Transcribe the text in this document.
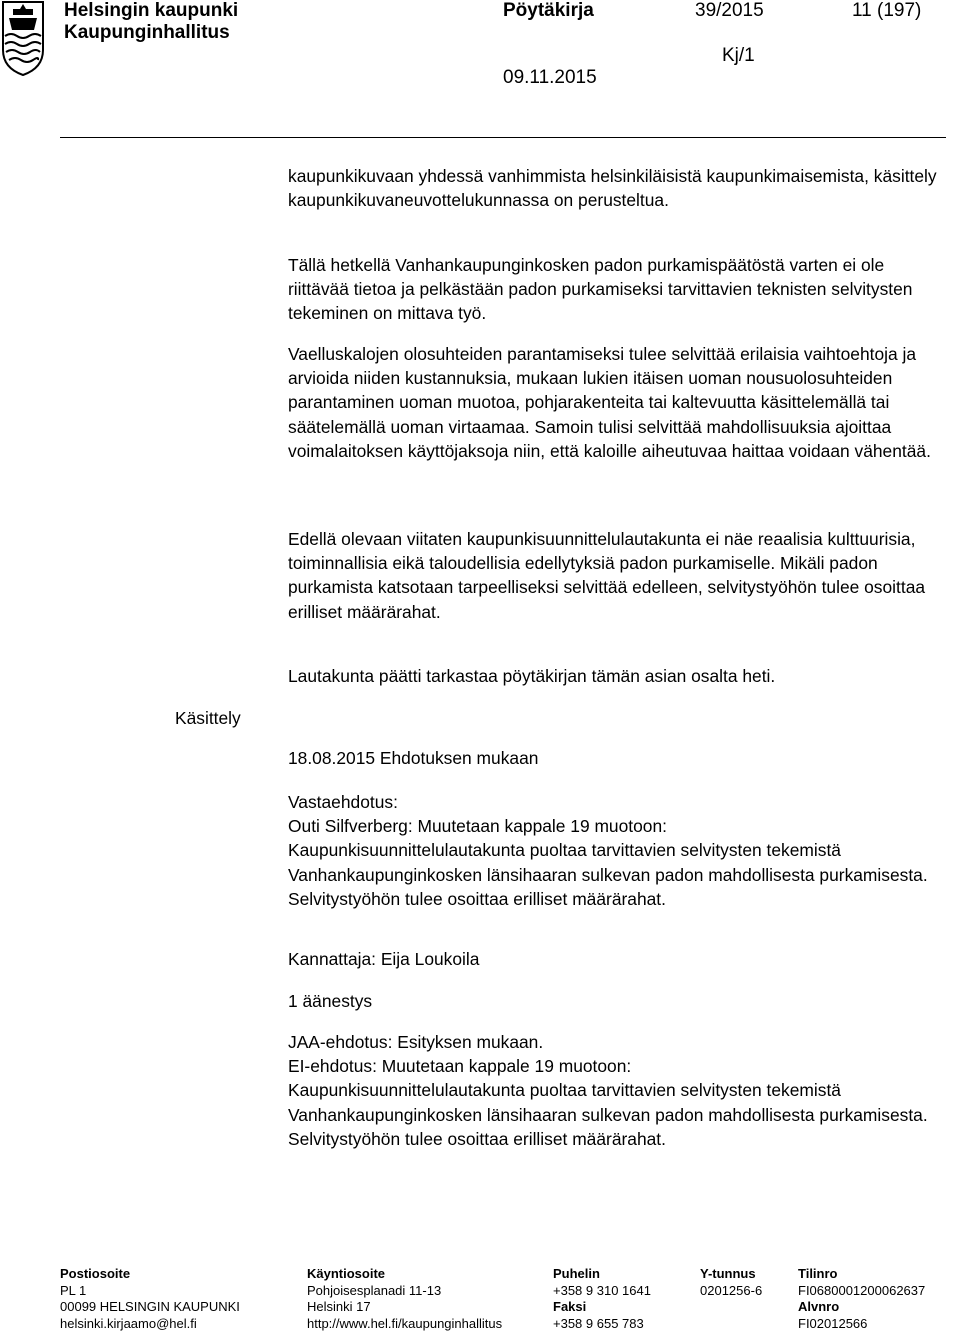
Helsingin kaupunki
Kaupunginhallitus
Pöytäkirja	39/2015	11 (197)
Kj/1
09.11.2015

kaupunkikuvaan yhdessä vanhimmista helsinkiläisistä kaupunkimaisemista, käsittely kaupunkikuvaneuvottelukunnassa on perusteltua.

Tällä hetkellä Vanhankaupunginkosken padon purkamispäätöstä varten ei ole riittävää tietoa ja pelkästään padon purkamiseksi tarvittavien teknisten selvitysten tekeminen on mittava työ.

Vaelluskalojen olosuhteiden parantamiseksi tulee selvittää erilaisia vaihtoehtoja ja arvioida niiden kustannuksia, mukaan lukien itäisen uoman nousuolosuhteiden parantaminen uoman muotoa, pohjarakenteita tai kaltevuutta käsittelemällä tai säätelemällä uoman virtaamaa. Samoin tulisi selvittää mahdollisuuksia ajoittaa voimalaitoksen käyttöjaksoja niin, että kaloille aiheutuvaa haittaa voidaan vähentää.

Edellä olevaan viitaten kaupunkisuunnittelulautakunta ei näe reaalisia kulttuurisia, toiminnallisia eikä taloudellisia edellytyksiä padon purkamiselle. Mikäli padon purkamista katsotaan tarpeelliseksi selvittää edelleen, selvitystyöhön tulee osoittaa erilliset määrärahat.

Käsittely

Lautakunta päätti tarkastaa pöytäkirjan tämän asian osalta heti.

18.08.2015 Ehdotuksen mukaan

Vastaehdotus:
Outi Silfverberg: Muutetaan kappale 19 muotoon:
Kaupunkisuunnittelulautakunta puoltaa tarvittavien selvitysten tekemistä Vanhankaupunginkosken länsihaaran sulkevan padon mahdollisesta purkamisesta. Selvitystyöhön tulee osoittaa erilliset määrärahat.

Kannattaja: Eija Loukoila

1 äänestys

JAA-ehdotus: Esityksen mukaan.
EI-ehdotus: Muutetaan kappale 19 muotoon:
Kaupunkisuunnittelulautakunta puoltaa tarvittavien selvitysten tekemistä Vanhankaupunginkosken länsihaaran sulkevan padon mahdollisesta purkamisesta. Selvitystyöhön tulee osoittaa erilliset määrärahat.
Postiosoite
PL 1
00099 HELSINGIN KAUPUNKI
helsinki.kirjaamo@hel.fi
Käyntiosoite
Pohjoisesplanadi 11-13
Helsinki 17
http://www.hel.fi/kaupunginhallitus
Puhelin
+358 9 310 1641
Faksi
+358 9 655 783
Y-tunnus
0201256-6
Tilinro
FI0680001200062637
Alvnro
FI02012566
